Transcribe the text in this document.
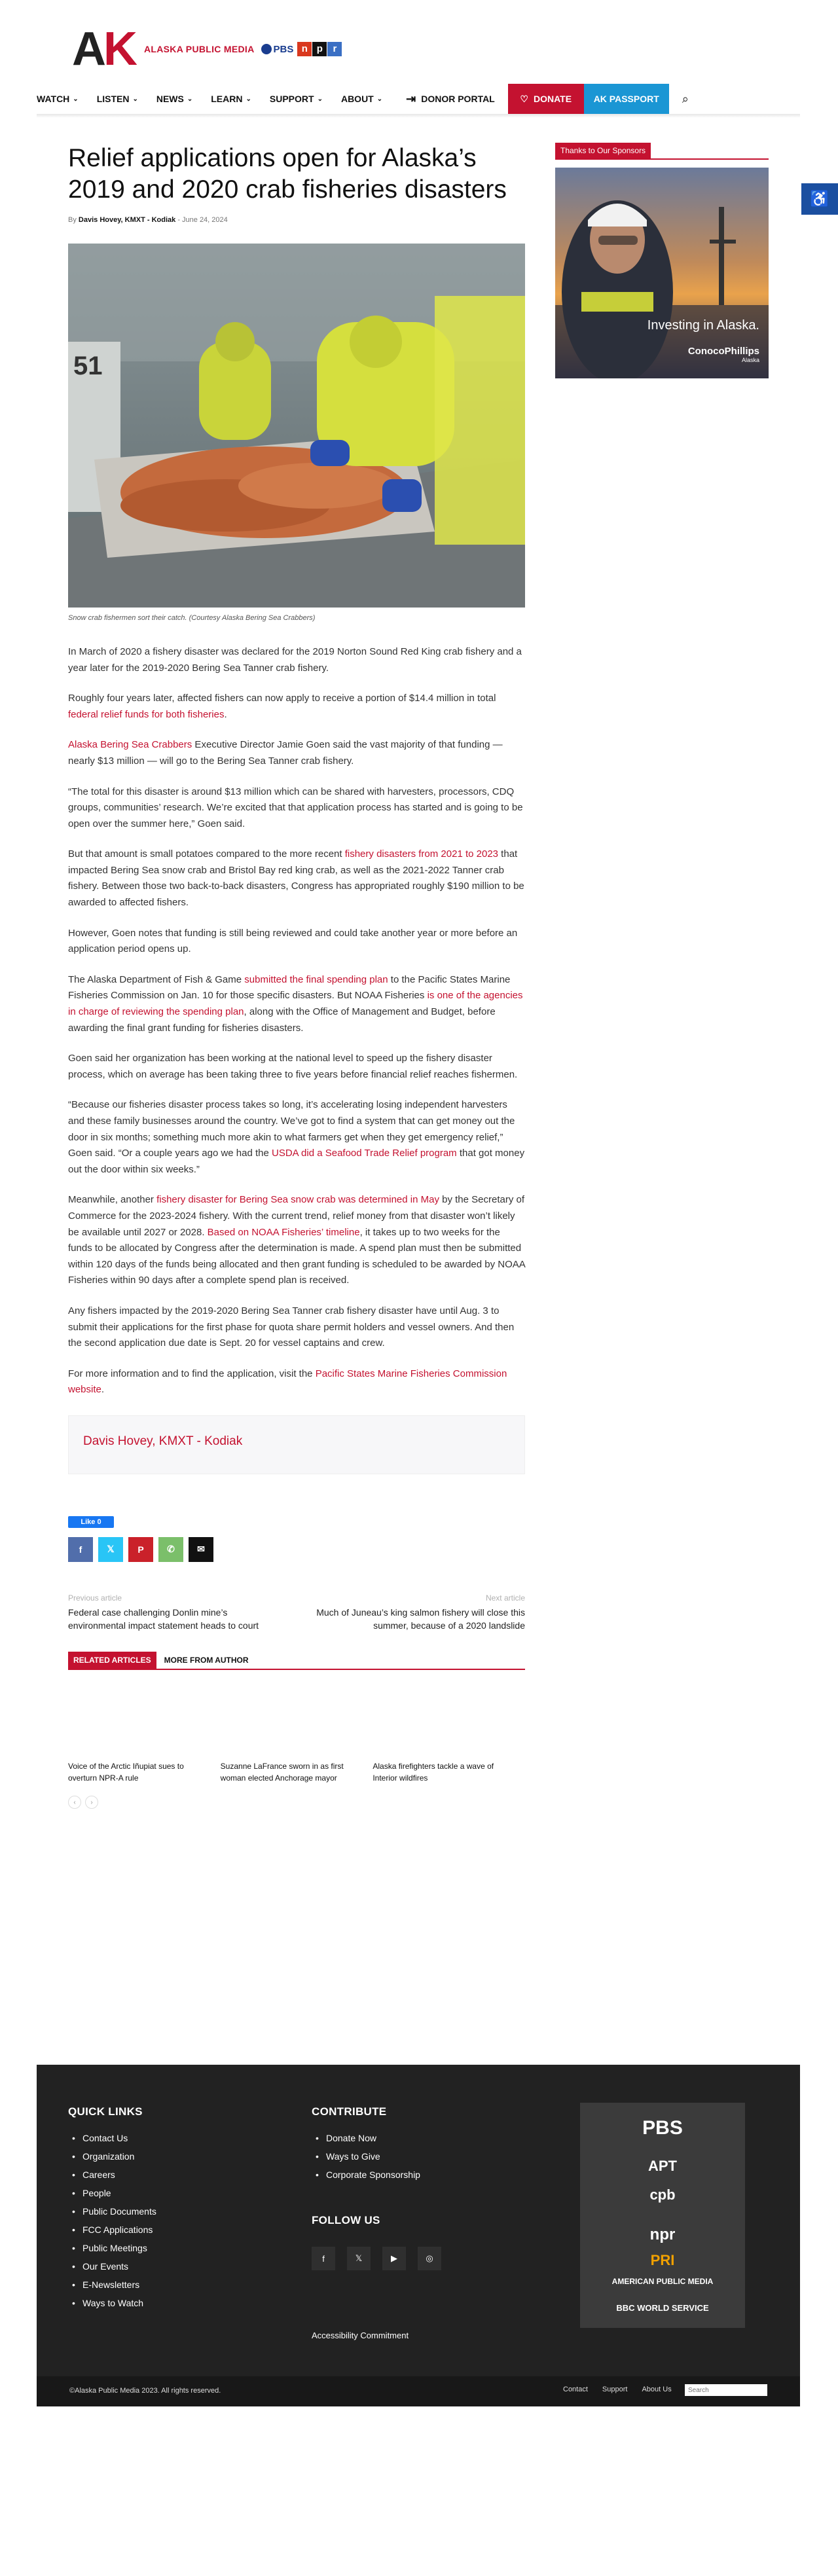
A K ALASKA PUBLIC MEDIA PBS n p	r
WATCH ⌄ LISTEN ⌄ NEWS ⌄ LEARN ⌄ SUPPORT ⌄ ABOUT ⌄ ⇥ DONOR PORTAL	♡ DONATE	AK PASSPORT	⌕
♿
Relief applications open for Alaska’s 2019 and 2020 crab fisheries disasters
By Davis Hovey, KMXT - Kodiak - June 24, 2024
51
Snow crab fishermen sort their catch. (Courtesy Alaska Bering Sea Crabbers)

In March of 2020 a fishery disaster was declared for the 2019 Norton Sound Red King crab fishery and a year later for the 2019-2020 Bering Sea Tanner crab fishery.

Roughly four years later, affected fishers can now apply to receive a portion of $14.4 million in total federal relief funds for both fisheries.

Alaska Bering Sea Crabbers Executive Director Jamie Goen said the vast majority of that funding — nearly $13 million — will go to the Bering Sea Tanner crab fishery.

“The total for this disaster is around $13 million which can be shared with harvesters, processors, CDQ groups, communities’ research. We’re excited that that application process has started and is going to be open over the summer here,” Goen said.

But that amount is small potatoes compared to the more recent fishery disasters from 2021 to 2023 that impacted Bering Sea snow crab and Bristol Bay red king crab, as well as the 2021-2022 Tanner crab fishery. Between those two back-to-back disasters, Congress has appropriated roughly $190 million to be awarded to affected fishers.

However, Goen notes that funding is still being reviewed and could take another year or more before an application period opens up.

The Alaska Department of Fish & Game submitted the final spending plan to the Pacific States Marine Fisheries Commission on Jan. 10 for those specific disasters. But NOAA Fisheries is one of the agencies in charge of reviewing the spending plan, along with the Office of Management and Budget, before awarding the final grant funding for fisheries disasters.

Goen said her organization has been working at the national level to speed up the fishery disaster process, which on average has been taking three to five years before financial relief reaches fishermen.

“Because our fisheries disaster process takes so long, it’s accelerating losing independent harvesters and these family businesses around the country. We’ve got to find a system that can get money out the door in six months; something much more akin to what farmers get when they get emergency relief,” Goen said. “Or a couple years ago we had the USDA did a Seafood Trade Relief program that got money out the door within six weeks.”

Meanwhile, another fishery disaster for Bering Sea snow crab was determined in May by the Secretary of Commerce for the 2023-2024 fishery. With the current trend, relief money from that disaster won’t likely be available until 2027 or 2028. Based on NOAA Fisheries’ timeline, it takes up to two weeks for the funds to be allocated by Congress after the determination is made. A spend plan must then be submitted within 120 days of the funds being allocated and then grant funding is scheduled to be awarded by NOAA Fisheries within 90 days after a complete spend plan is received.

Any fishers impacted by the 2019-2020 Bering Sea Tanner crab fishery disaster have until Aug. 3 to submit their applications for the first phase for quota share permit holders and vessel owners. And then the second application due date is Sept. 20 for vessel captains and crew.

For more information and to find the application, visit the Pacific States Marine Fisheries Commission website.

Davis Hovey, KMXT - Kodiak
Like 0
f	𝕏	P	✆	✉
Previous article
Federal case challenging Donlin mine’s environmental impact statement heads to court
Next article
Much of Juneau’s king salmon fishery will close this summer, because of a 2020 landslide
RELATED ARTICLES	MORE FROM AUTHOR
Voice of the Arctic Iñupiat sues to overturn NPR-A rule
Suzanne LaFrance sworn in as first woman elected Anchorage mayor
Alaska firefighters tackle a wave of Interior wildfires
‹	›
Thanks to Our Sponsors
Investing in Alaska.
ConocoPhillips
Alaska
QUICK LINKS
• Contact Us
• Organization
• Careers
• People
• Public Documents
• FCC Applications
• Public Meetings
• Our Events
• E-Newsletters
• Ways to Watch
CONTRIBUTE
• Donate Now
• Ways to Give
• Corporate Sponsorship
FOLLOW US
f	𝕏	▶	◎
Accessibility Commitment
PBS
APT
cpb
npr
PRI
AMERICAN PUBLIC MEDIA
BBC WORLD SERVICE
©Alaska Public Media 2023. All rights reserved.	Contact Support About Us
Search
